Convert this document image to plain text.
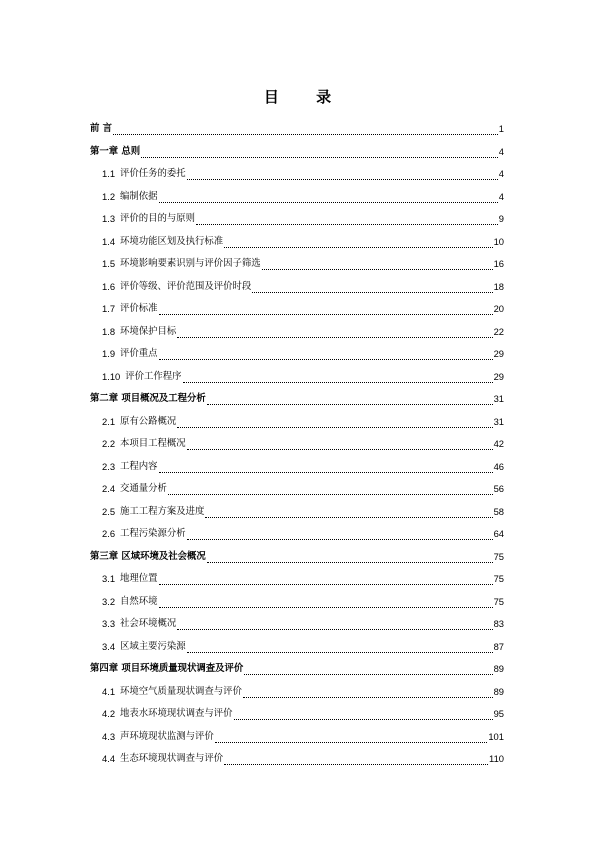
目 录
前 言	1
第一章 总则	4
1.1 评价任务的委托	4
1.2 编制依据	4
1.3 评价的目的与原则	9
1.4 环境功能区划及执行标准	10
1.5 环境影响要素识别与评价因子筛选	16
1.6 评价等级、评价范围及评价时段	18
1.7 评价标准	20
1.8 环境保护目标	22
1.9 评价重点	29
1.10 评价工作程序	29
第二章 项目概况及工程分析	31
2.1 原有公路概况	31
2.2 本项目工程概况	42
2.3 工程内容	46
2.4 交通量分析	56
2.5 施工工程方案及进度	58
2.6 工程污染源分析	64
第三章 区域环境及社会概况	75
3.1 地理位置	75
3.2 自然环境	75
3.3 社会环境概况	83
3.4 区域主要污染源	87
第四章 项目环境质量现状调查及评价	89
4.1 环境空气质量现状调查与评价	89
4.2 地表水环境现状调查与评价	95
4.3 声环境现状监测与评价	101
4.4 生态环境现状调查与评价	110
